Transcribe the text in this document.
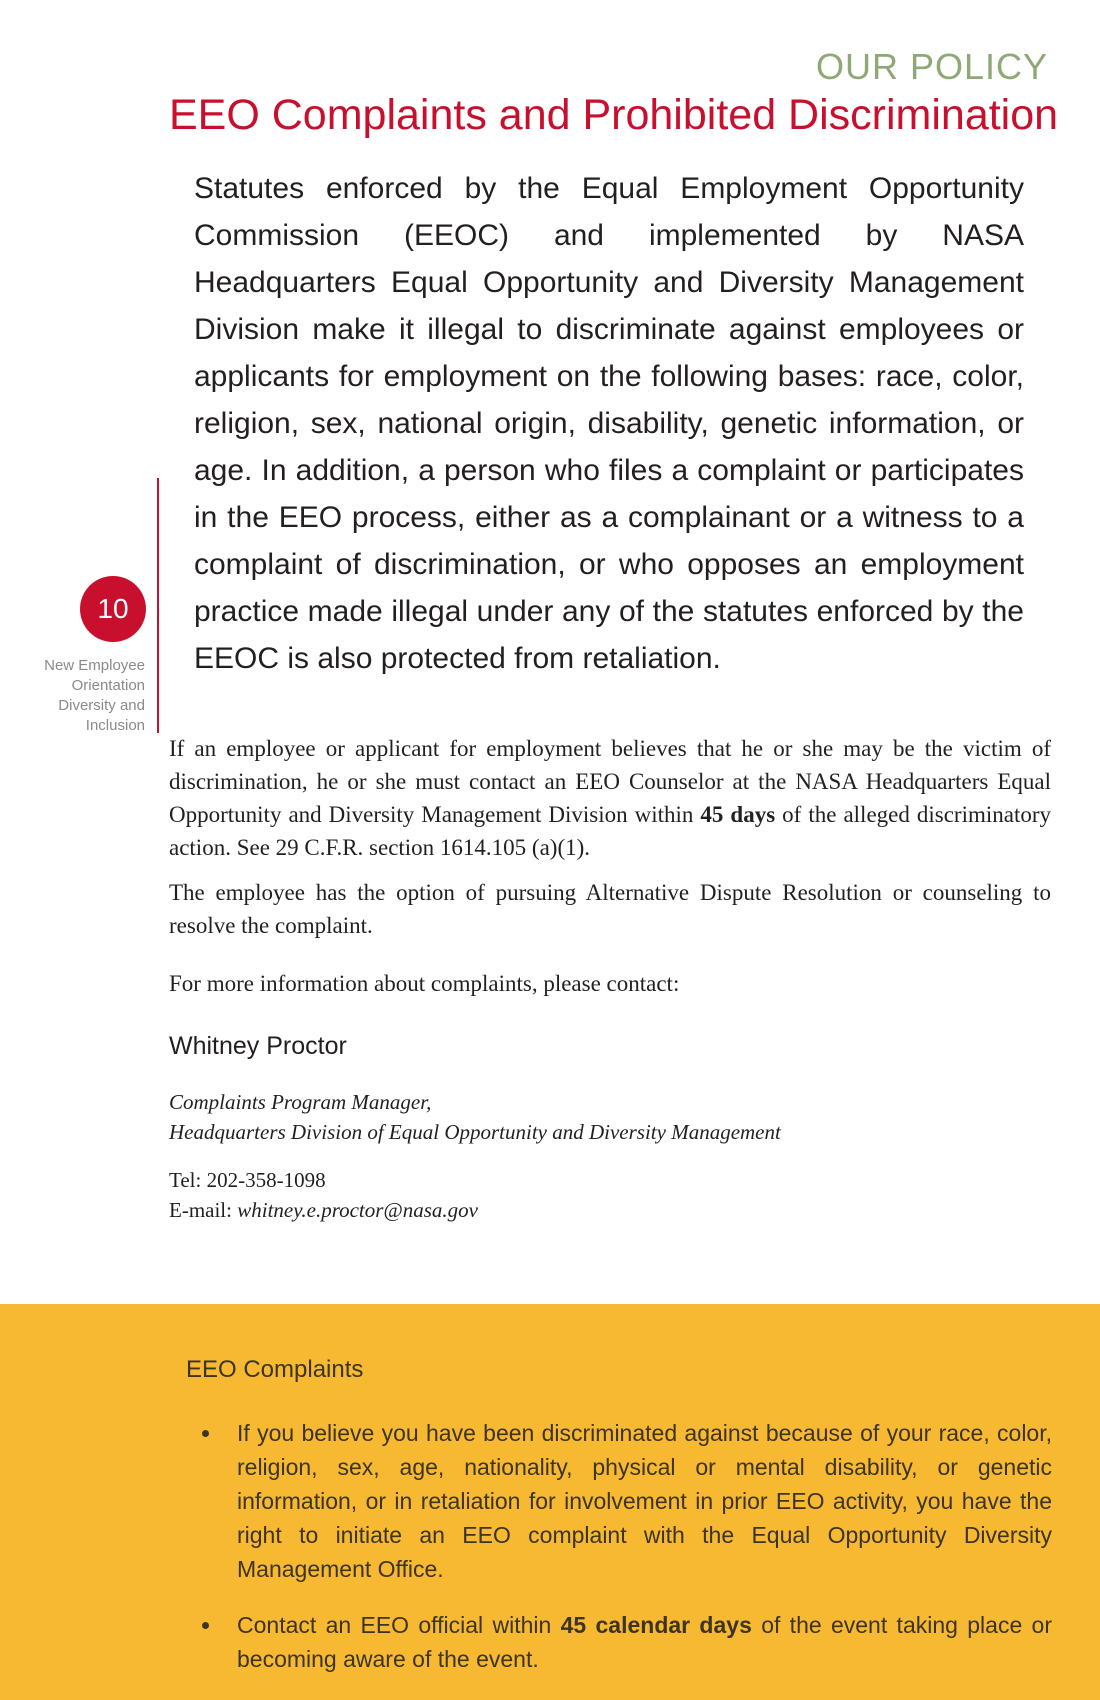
OUR POLICY
EEO Complaints and Prohibited Discrimination

Statutes enforced by the Equal Employment Opportunity Commission (EEOC) and implemented by NASA Headquarters Equal Opportunity and Diversity Management Division make it illegal to discriminate against employees or applicants for employment on the following bases: race, color, religion, sex, national origin, disability, genetic information, or age. In addition, a person who files a complaint or participates in the EEO process, either as a complainant or a witness to a complaint of discrimination, or who opposes an employment practice made illegal under any of the statutes enforced by the EEOC is also protected from retaliation.

10
New Employee
Orientation
Diversity and
Inclusion

If an employee or applicant for employment believes that he or she may be the victim of discrimination, he or she must contact an EEO Counselor at the NASA Headquarters Equal Opportunity and Diversity Management Division within 45 days of the alleged discriminatory action. See 29 C.F.R. section 1614.105 (a)(1).

The employee has the option of pursuing Alternative Dispute Resolution or counseling to resolve the complaint.

For more information about complaints, please contact:

Whitney Proctor
Complaints Program Manager,
Headquarters Division of Equal Opportunity and Diversity Management
Tel: 202-358-1098
E-mail: whitney.e.proctor@nasa.gov
EEO Complaints
If you believe you have been discriminated against because of your race, color, religion, sex, age, nationality, physical or mental disability, or genetic information, or in retaliation for involvement in prior EEO activity, you have the right to initiate an EEO complaint with the Equal Opportunity Diversity Management Office.
Contact an EEO official within 45 calendar days of the event taking place or becoming aware of the event.
